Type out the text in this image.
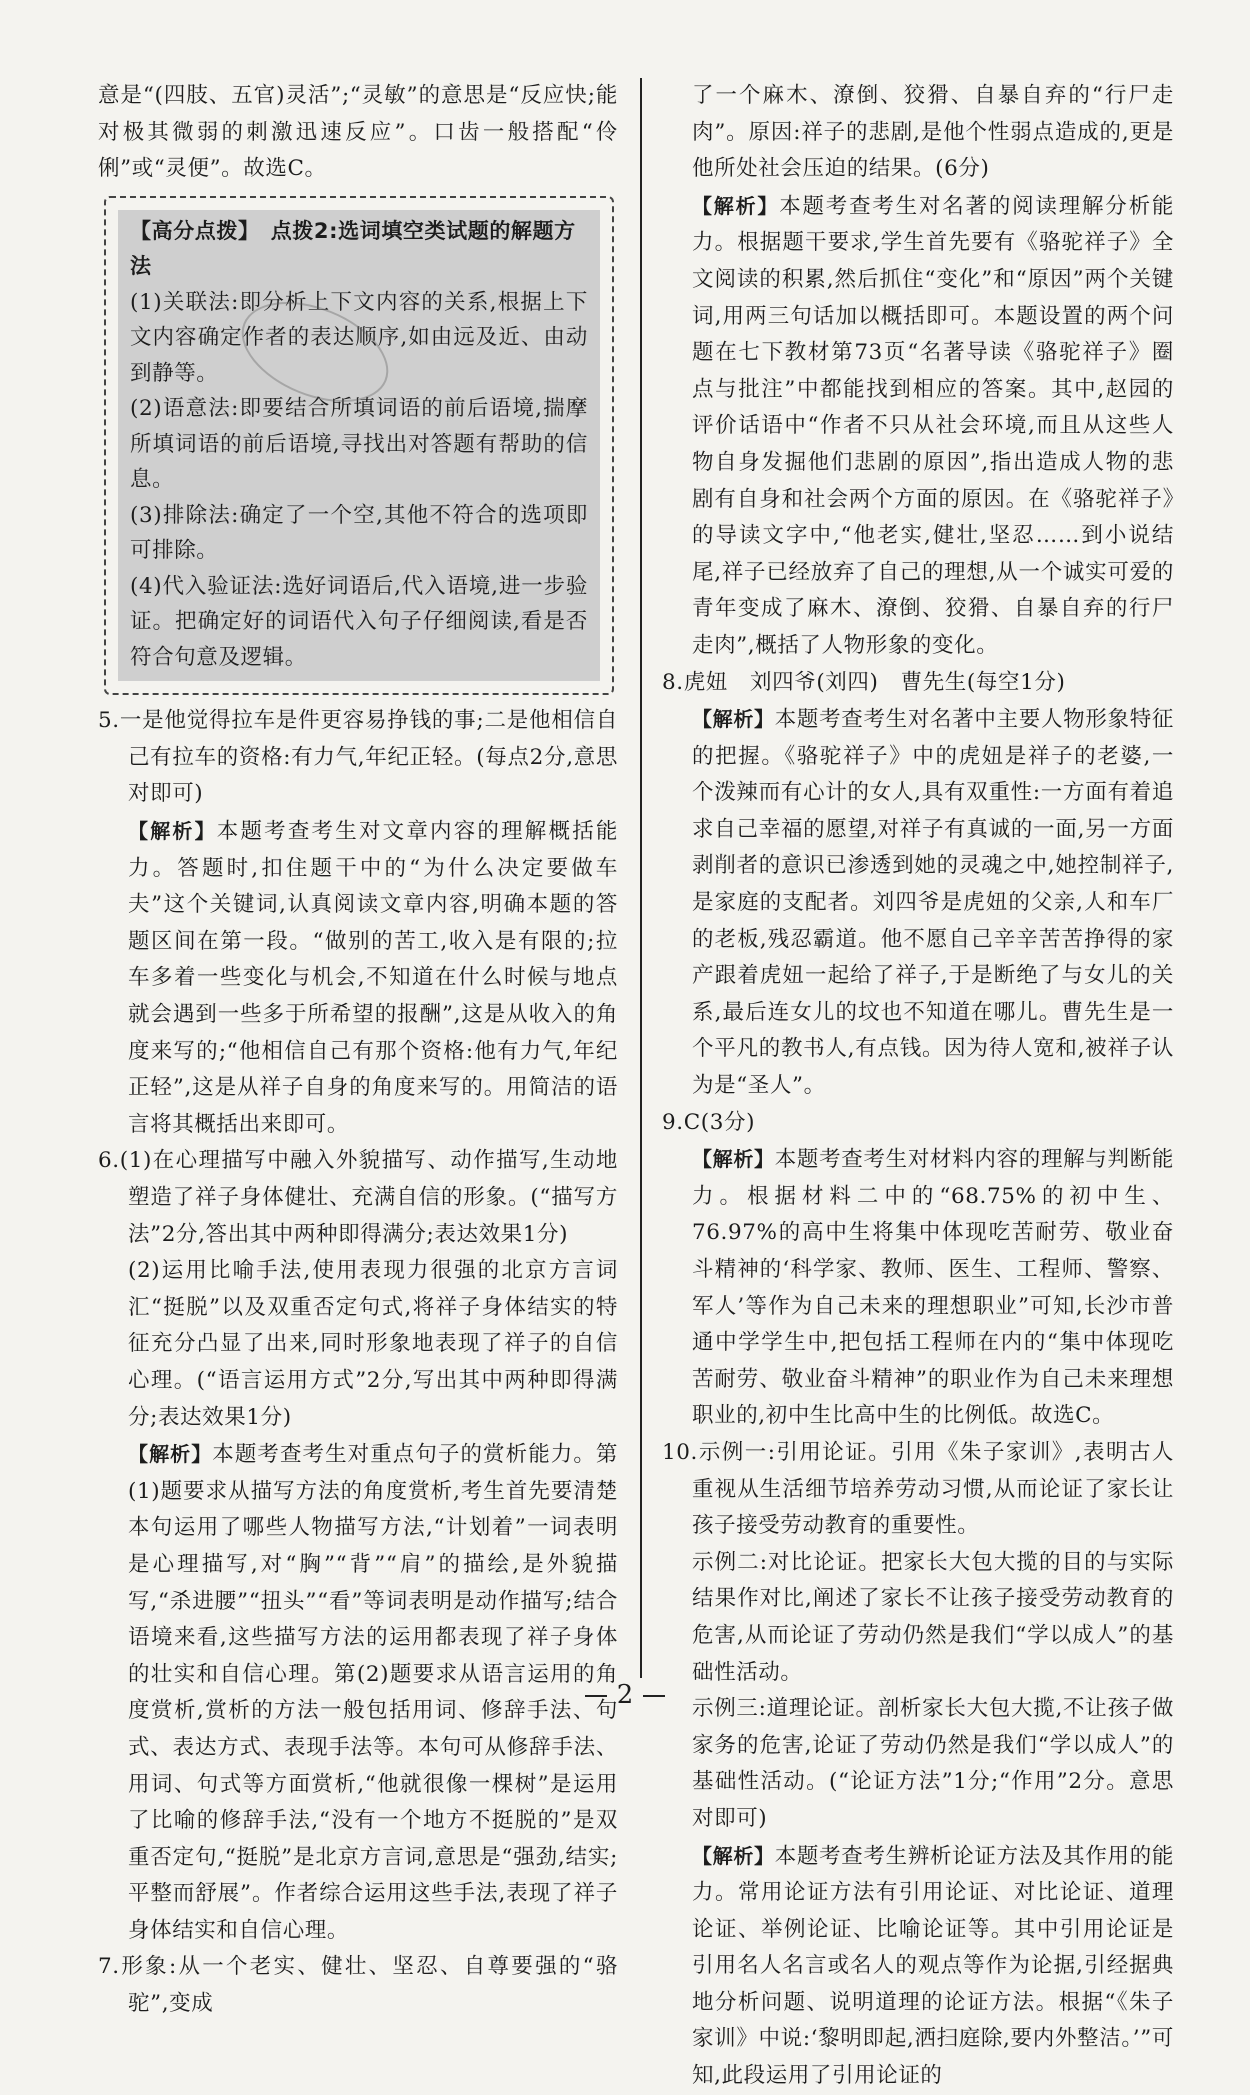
意是“(四肢、五官)灵活”;“灵敏”的意思是“反应快;能对极其微弱的刺激迅速反应”。口齿一般搭配“伶俐”或“灵便”。故选C。

【高分点拨】　 点拨2:选词填空类试题的解题方法

(1)关联法:即分析上下文内容的关系,根据上下文内容确定作者的表达顺序,如由远及近、由动到静等。

(2)语意法:即要结合所填词语的前后语境,揣摩所填词语的前后语境,寻找出对答题有帮助的信息。

(3)排除法:确定了一个空,其他不符合的选项即可排除。

(4)代入验证法:选好词语后,代入语境,进一步验证。把确定好的词语代入句子仔细阅读,看是否符合句意及逻辑。

5.一是他觉得拉车是件更容易挣钱的事;二是他相信自己有拉车的资格:有力气,年纪正轻。(每点2分,意思对即可)

【解析】本题考查考生对文章内容的理解概括能力。答题时,扣住题干中的“为什么决定要做车夫”这个关键词,认真阅读文章内容,明确本题的答题区间在第一段。“做别的苦工,收入是有限的;拉车多着一些变化与机会,不知道在什么时候与地点就会遇到一些多于所希望的报酬”,这是从收入的角度来写的;“他相信自己有那个资格:他有力气,年纪正轻”,这是从祥子自身的角度来写的。用简洁的语言将其概括出来即可。

6.(1)在心理描写中融入外貌描写、动作描写,生动地塑造了祥子身体健壮、充满自信的形象。(“描写方法”2分,答出其中两种即得满分;表达效果1分)

(2)运用比喻手法,使用表现力很强的北京方言词汇“挺脱”以及双重否定句式,将祥子身体结实的特征充分凸显了出来,同时形象地表现了祥子的自信心理。(“语言运用方式”2分,写出其中两种即得满分;表达效果1分)

【解析】本题考查考生对重点句子的赏析能力。第(1)题要求从描写方法的角度赏析,考生首先要清楚本句运用了哪些人物描写方法,“计划着”一词表明是心理描写,对“胸”“背”“肩”的描绘,是外貌描写,“杀进腰”“扭头”“看”等词表明是动作描写;结合语境来看,这些描写方法的运用都表现了祥子身体的壮实和自信心理。第(2)题要求从语言运用的角度赏析,赏析的方法一般包括用词、修辞手法、句式、表达方式、表现手法等。本句可从修辞手法、用词、句式等方面赏析,“他就很像一棵树”是运用了比喻的修辞手法,“没有一个地方不挺脱的”是双重否定句,“挺脱”是北京方言词,意思是“强劲,结实;平整而舒展”。作者综合运用这些手法,表现了祥子身体结实和自信心理。

7.形象:从一个老实、健壮、坚忍、自尊要强的“骆驼”,变成

了一个麻木、潦倒、狡猾、自暴自弃的“行尸走肉”。原因:祥子的悲剧,是他个性弱点造成的,更是他所处社会压迫的结果。(6分)

【解析】本题考查考生对名著的阅读理解分析能力。根据题干要求,学生首先要有《骆驼祥子》全文阅读的积累,然后抓住“变化”和“原因”两个关键词,用两三句话加以概括即可。本题设置的两个问题在七下教材第73页“名著导读《骆驼祥子》圈点与批注”中都能找到相应的答案。其中,赵园的评价话语中“作者不只从社会环境,而且从这些人物自身发掘他们悲剧的原因”,指出造成人物的悲剧有自身和社会两个方面的原因。在《骆驼祥子》的导读文字中,“他老实,健壮,坚忍……到小说结尾,祥子已经放弃了自己的理想,从一个诚实可爱的青年变成了麻木、潦倒、狡猾、自暴自弃的行尸走肉”,概括了人物形象的变化。

8.虎妞　刘四爷(刘四)　曹先生(每空1分)

【解析】本题考查考生对名著中主要人物形象特征的把握。《骆驼祥子》中的虎妞是祥子的老婆,一个泼辣而有心计的女人,具有双重性:一方面有着追求自己幸福的愿望,对祥子有真诚的一面,另一方面剥削者的意识已渗透到她的灵魂之中,她控制祥子,是家庭的支配者。刘四爷是虎妞的父亲,人和车厂的老板,残忍霸道。他不愿自己辛辛苦苦挣得的家产跟着虎妞一起给了祥子,于是断绝了与女儿的关系,最后连女儿的坟也不知道在哪儿。曹先生是一个平凡的教书人,有点钱。因为待人宽和,被祥子认为是“圣人”。

9.C(3分)

【解析】本题考查考生对材料内容的理解与判断能力。根据材料二中的“68.75%的初中生、76.97%的高中生将集中体现吃苦耐劳、敬业奋斗精神的‘科学家、教师、医生、工程师、警察、军人’等作为自己未来的理想职业”可知,长沙市普通中学学生中,把包括工程师在内的“集中体现吃苦耐劳、敬业奋斗精神”的职业作为自己未来理想职业的,初中生比高中生的比例低。故选C。

10.示例一:引用论证。引用《朱子家训》,表明古人重视从生活细节培养劳动习惯,从而论证了家长让孩子接受劳动教育的重要性。

示例二:对比论证。把家长大包大揽的目的与实际结果作对比,阐述了家长不让孩子接受劳动教育的危害,从而论证了劳动仍然是我们“学以成人”的基础性活动。

示例三:道理论证。剖析家长大包大揽,不让孩子做家务的危害,论证了劳动仍然是我们“学以成人”的基础性活动。(“论证方法”1分;“作用”2分。意思对即可)

【解析】本题考查考生辨析论证方法及其作用的能力。常用论证方法有引用论证、对比论证、道理论证、举例论证、比喻论证等。其中引用论证是引用名人名言或名人的观点等作为论据,引经据典地分析问题、说明道理的论证方法。根据“《朱子家训》中说:‘黎明即起,洒扫庭除,要内外整洁。’”可知,此段运用了引用论证的

2
